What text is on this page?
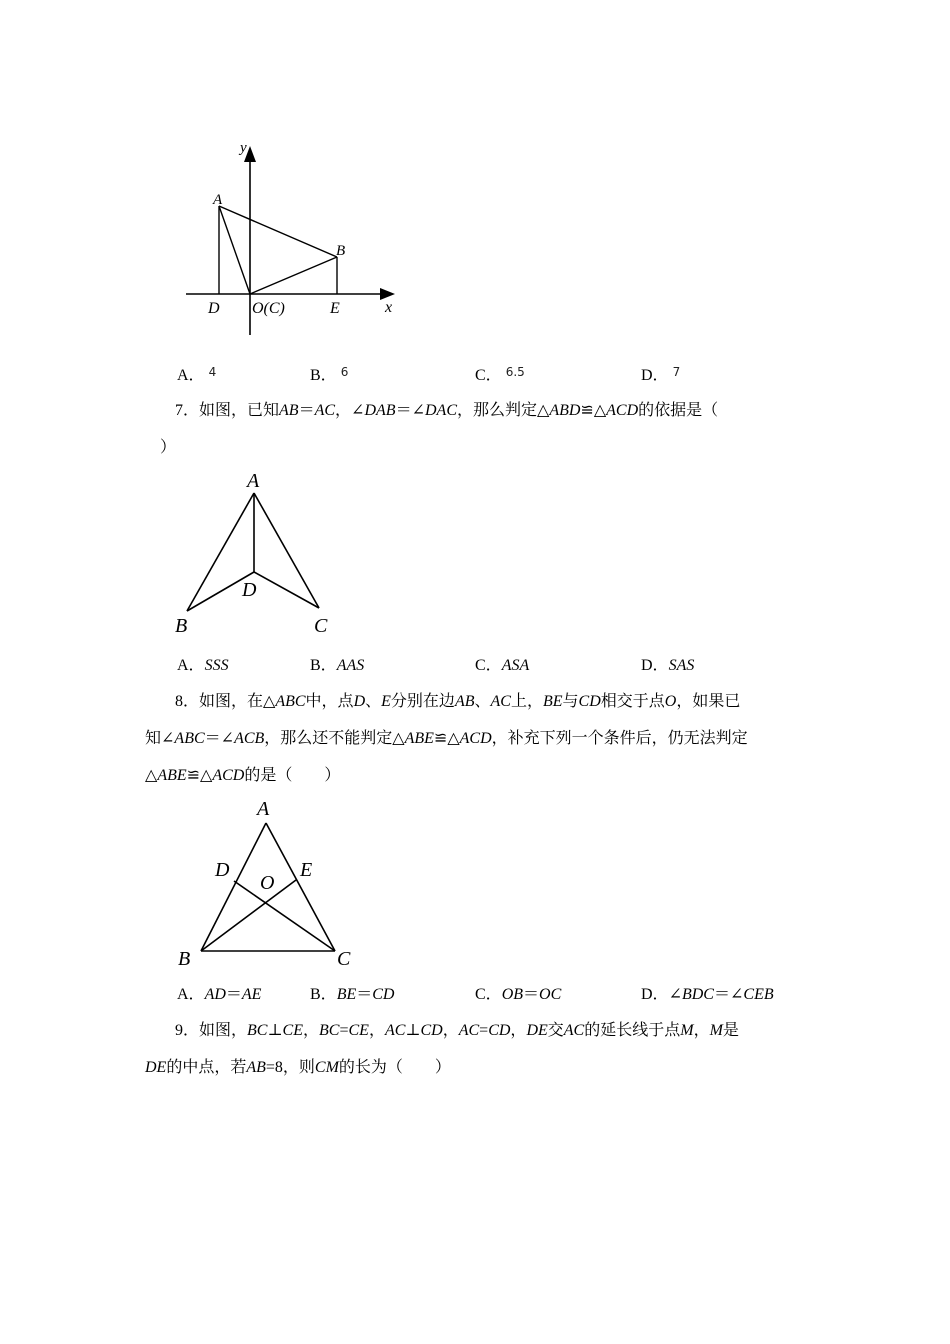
y
x
A
B
D O(C)	E
A． $^4$	B． $^6$	C． $^{6.5}$	D． $^7$
7．如图，已知AB＝AC，∠DAB＝∠DAC，那么判定△ABD≌△ACD的依据是（
）
A
B	C
D
A．SSS	B．AAS	C．ASA	D．SAS
8．如图，在△ABC中，点D、E分别在边AB、AC上，BE与CD相交于点O，如果已
知∠ABC＝∠ACB，那么还不能判定△ABE≌△ACD，补充下列一个条件后，仍无法判定
△ABE≌△ACD的是（　　）
A
B	C
D	E
O
A．AD＝AE	B．BE＝CD	C．OB＝OC	D．∠BDC＝∠CEB
9．如图，BC⊥CE，BC=CE，AC⊥CD，AC=CD，DE交AC的延长线于点M，M是
DE的中点，若AB=8，则CM的长为（　　）
